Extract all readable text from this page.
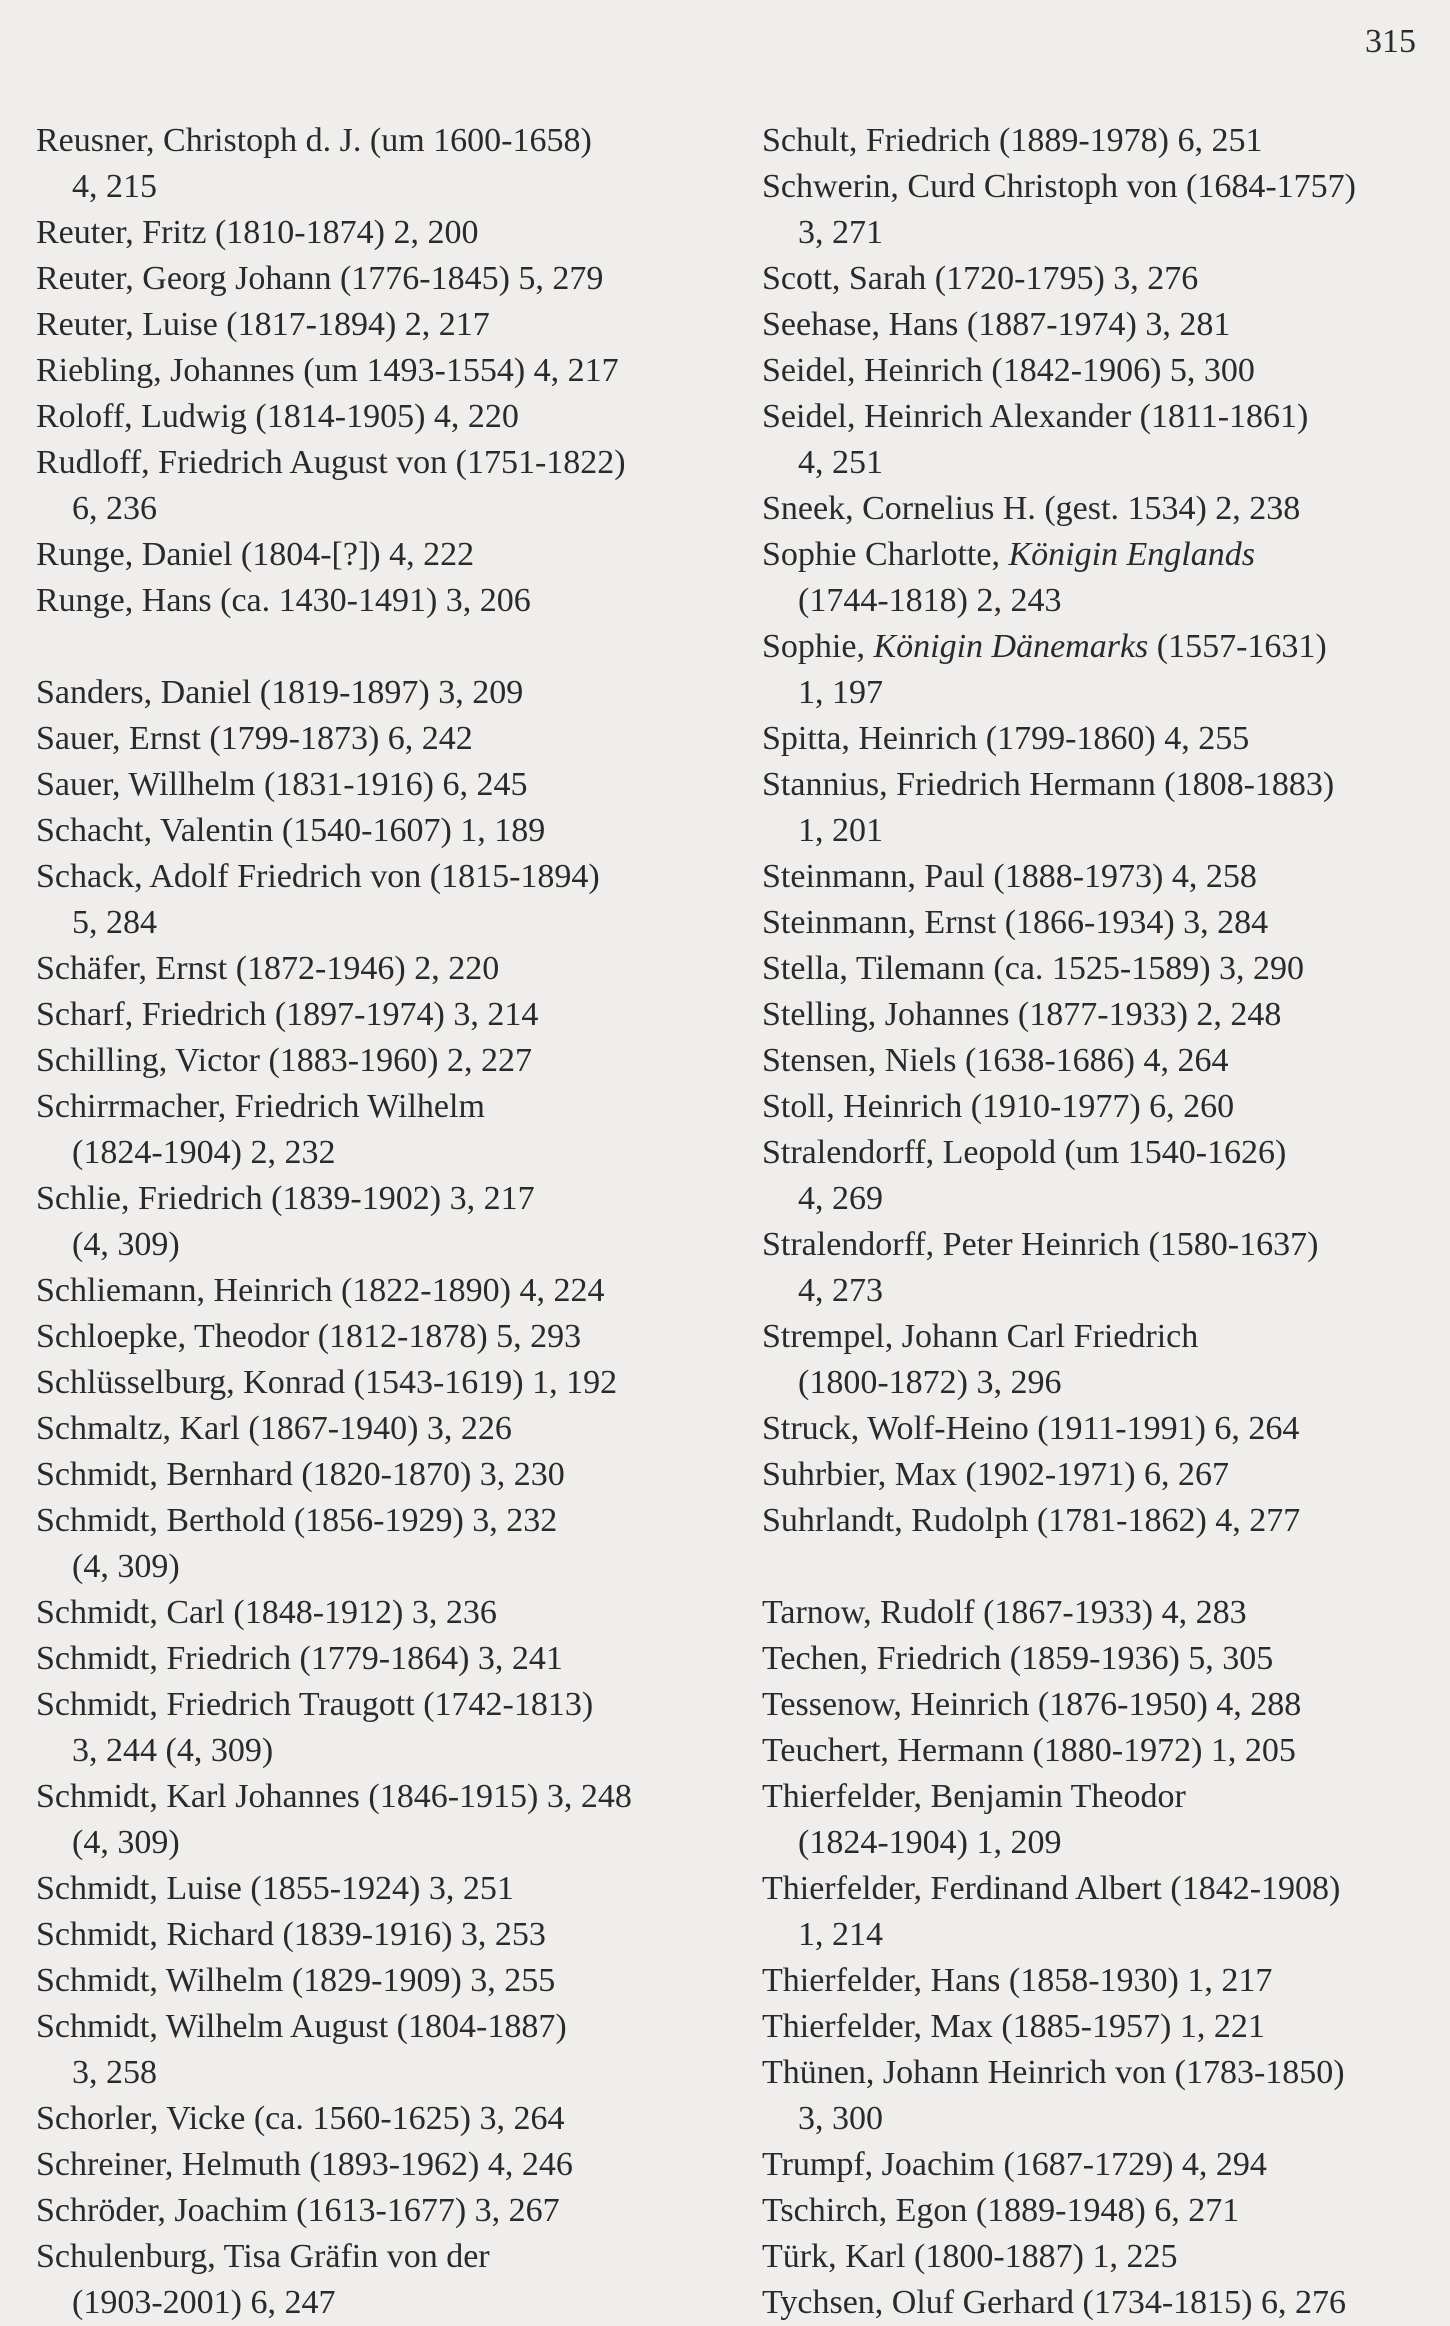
315
Reusner, Christoph d. J. (um 1600-1658)
4, 215
Reuter, Fritz (1810-1874) 2, 200
Reuter, Georg Johann (1776-1845) 5, 279
Reuter, Luise (1817-1894) 2, 217
Riebling, Johannes (um 1493-1554) 4, 217
Roloff, Ludwig (1814-1905) 4, 220
Rudloff, Friedrich August von (1751-1822)
6, 236
Runge, Daniel (1804-[?]) 4, 222
Runge, Hans (ca. 1430-1491) 3, 206
Sanders, Daniel (1819-1897) 3, 209
Sauer, Ernst (1799-1873) 6, 242
Sauer, Willhelm (1831-1916) 6, 245
Schacht, Valentin (1540-1607) 1, 189
Schack, Adolf Friedrich von (1815-1894)
5, 284
Schäfer, Ernst (1872-1946) 2, 220
Scharf, Friedrich (1897-1974) 3, 214
Schilling, Victor (1883-1960) 2, 227
Schirrmacher, Friedrich Wilhelm
(1824-1904) 2, 232
Schlie, Friedrich (1839-1902) 3, 217
(4, 309)
Schliemann, Heinrich (1822-1890) 4, 224
Schloepke, Theodor (1812-1878) 5, 293
Schlüsselburg, Konrad (1543-1619) 1, 192
Schmaltz, Karl (1867-1940) 3, 226
Schmidt, Bernhard (1820-1870) 3, 230
Schmidt, Berthold (1856-1929) 3, 232
(4, 309)
Schmidt, Carl (1848-1912) 3, 236
Schmidt, Friedrich (1779-1864) 3, 241
Schmidt, Friedrich Traugott (1742-1813)
3, 244 (4, 309)
Schmidt, Karl Johannes (1846-1915) 3, 248
(4, 309)
Schmidt, Luise (1855-1924) 3, 251
Schmidt, Richard (1839-1916) 3, 253
Schmidt, Wilhelm (1829-1909) 3, 255
Schmidt, Wilhelm August (1804-1887)
3, 258
Schorler, Vicke (ca. 1560-1625) 3, 264
Schreiner, Helmuth (1893-1962) 4, 246
Schröder, Joachim (1613-1677) 3, 267
Schulenburg, Tisa Gräfin von der
(1903-2001) 6, 247
Schult, Friedrich (1889-1978) 6, 251
Schwerin, Curd Christoph von (1684-1757)
3, 271
Scott, Sarah (1720-1795) 3, 276
Seehase, Hans (1887-1974) 3, 281
Seidel, Heinrich (1842-1906) 5, 300
Seidel, Heinrich Alexander (1811-1861)
4, 251
Sneek, Cornelius H. (gest. 1534) 2, 238
Sophie Charlotte, Königin Englands
(1744-1818) 2, 243
Sophie, Königin Dänemarks (1557-1631)
1, 197
Spitta, Heinrich (1799-1860) 4, 255
Stannius, Friedrich Hermann (1808-1883)
1, 201
Steinmann, Paul (1888-1973) 4, 258
Steinmann, Ernst (1866-1934) 3, 284
Stella, Tilemann (ca. 1525-1589) 3, 290
Stelling, Johannes (1877-1933) 2, 248
Stensen, Niels (1638-1686) 4, 264
Stoll, Heinrich (1910-1977) 6, 260
Stralendorff, Leopold (um 1540-1626)
4, 269
Stralendorff, Peter Heinrich (1580-1637)
4, 273
Strempel, Johann Carl Friedrich
(1800-1872) 3, 296
Struck, Wolf-Heino (1911-1991) 6, 264
Suhrbier, Max (1902-1971) 6, 267
Suhrlandt, Rudolph (1781-1862) 4, 277
Tarnow, Rudolf (1867-1933) 4, 283
Techen, Friedrich (1859-1936) 5, 305
Tessenow, Heinrich (1876-1950) 4, 288
Teuchert, Hermann (1880-1972) 1, 205
Thierfelder, Benjamin Theodor
(1824-1904) 1, 209
Thierfelder, Ferdinand Albert (1842-1908)
1, 214
Thierfelder, Hans (1858-1930) 1, 217
Thierfelder, Max (1885-1957) 1, 221
Thünen, Johann Heinrich von (1783-1850)
3, 300
Trumpf, Joachim (1687-1729) 4, 294
Tschirch, Egon (1889-1948) 6, 271
Türk, Karl (1800-1887) 1, 225
Tychsen, Oluf Gerhard (1734-1815) 6, 276
